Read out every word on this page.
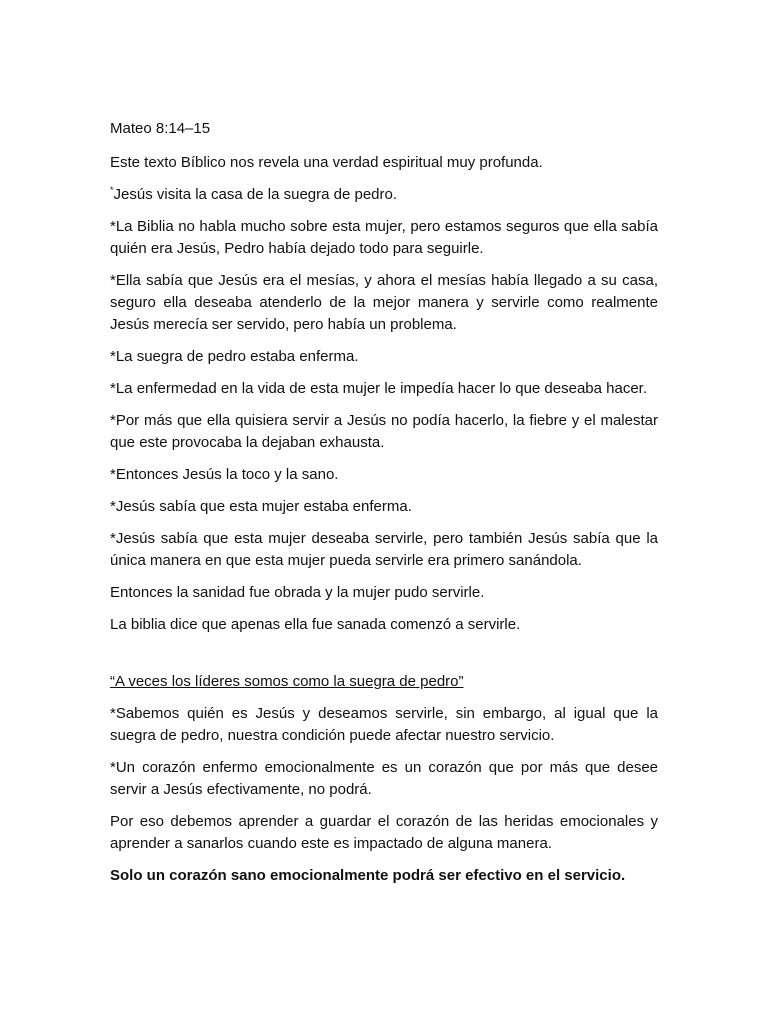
Mateo 8:14–15

Este texto Bíblico nos revela una verdad espiritual muy profunda.

*Jesús visita la casa de la suegra de pedro.

*La Biblia no habla mucho sobre esta mujer, pero estamos seguros que ella sabía quién era Jesús, Pedro había dejado todo para seguirle.

*Ella sabía que Jesús era el mesías, y ahora el mesías había llegado a su casa, seguro ella deseaba atenderlo de la mejor manera y servirle como realmente Jesús merecía ser servido, pero había un problema.

*La suegra de pedro estaba enferma.

*La enfermedad en la vida de esta mujer le impedía hacer lo que deseaba hacer.

*Por más que ella quisiera servir a Jesús no podía hacerlo, la fiebre y el malestar que este provocaba la dejaban exhausta.

*Entonces Jesús la toco y la sano.

*Jesús sabía que esta mujer estaba enferma.

*Jesús sabía que esta mujer deseaba servirle, pero también Jesús sabía que la única manera en que esta mujer pueda servirle era primero sanándola.

Entonces la sanidad fue obrada y la mujer pudo servirle.

La biblia dice que apenas ella fue sanada comenzó a servirle.

“A veces los líderes somos como la suegra de pedro”

*Sabemos quién es Jesús y deseamos servirle, sin embargo, al igual que la suegra de pedro, nuestra condición puede afectar nuestro servicio.

*Un corazón enfermo emocionalmente es un corazón que por más que desee servir a Jesús efectivamente, no podrá.

Por eso debemos aprender a guardar el corazón de las heridas emocionales y aprender a sanarlos cuando este es impactado de alguna manera.

Solo un corazón sano emocionalmente podrá ser efectivo en el servicio.
